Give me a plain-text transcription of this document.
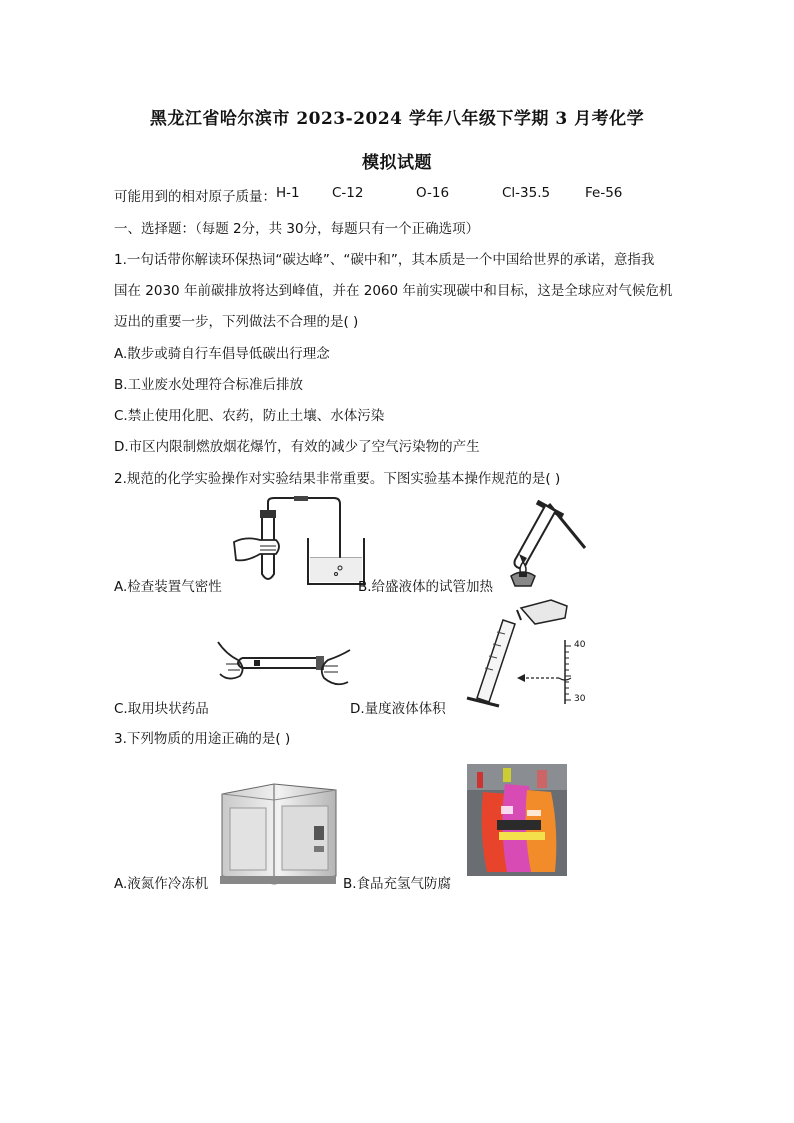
黑龙江省哈尔滨市 2023-2024 学年八年级下学期 3 月考化学
模拟试题
可能用到的相对原子质量： H-1	C-12	O-16	Cl-35.5	Fe-56
一、选择题：（每题 2分，共 30分，每题只有一个正确选项）
1.一句话带你解读环保热词“碳达峰”、“碳中和”，其本质是一个中国给世界的承诺，意指我
国在 2030 年前碳排放将达到峰值，并在 2060 年前实现碳中和目标，这是全球应对气候危机
迈出的重要一步，下列做法不合理的是( )
A.散步或骑自行车倡导低碳出行理念
B.工业废水处理符合标准后排放
C.禁止使用化肥、农药，防止土壤、水体污染
D.市区内限制燃放烟花爆竹，有效的减少了空气污染物的产生
2.规范的化学实验操作对实验结果非常重要。下图实验基本操作规范的是( )
A.检查装置气密性	B.给盛液体的试管加热
C.取用块状药品
40
30
D.量度液体体积
3.下列物质的用途正确的是( )
A.液氮作冷冻机	B.食品充氢气防腐
